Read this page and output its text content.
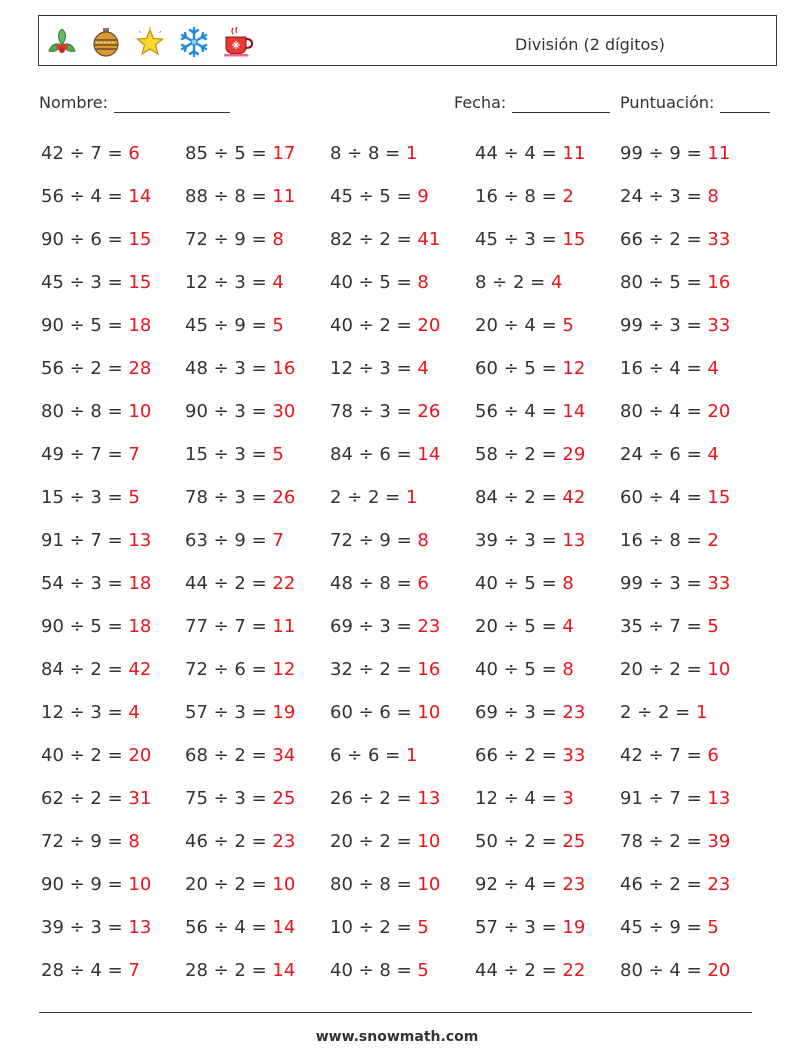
División (2 dígitos)
Nombre:	Fecha:	Puntuación:
42 ÷ 7 = 6	85 ÷ 5 = 17 8 ÷ 8 = 1	44 ÷ 4 = 11 99 ÷ 9 = 11
56 ÷ 4 = 14 88 ÷ 8 = 11 45 ÷ 5 = 9	16 ÷ 8 = 2	24 ÷ 3 = 8
90 ÷ 6 = 15 72 ÷ 9 = 8	82 ÷ 2 = 41 45 ÷ 3 = 15 66 ÷ 2 = 33
45 ÷ 3 = 15 12 ÷ 3 = 4	40 ÷ 5 = 8	8 ÷ 2 = 4	80 ÷ 5 = 16
90 ÷ 5 = 18 45 ÷ 9 = 5	40 ÷ 2 = 20 20 ÷ 4 = 5	99 ÷ 3 = 33
56 ÷ 2 = 28 48 ÷ 3 = 16 12 ÷ 3 = 4	60 ÷ 5 = 12 16 ÷ 4 = 4
80 ÷ 8 = 10 90 ÷ 3 = 30 78 ÷ 3 = 26 56 ÷ 4 = 14 80 ÷ 4 = 20
49 ÷ 7 = 7	15 ÷ 3 = 5	84 ÷ 6 = 14 58 ÷ 2 = 29 24 ÷ 6 = 4
15 ÷ 3 = 5	78 ÷ 3 = 26 2 ÷ 2 = 1	84 ÷ 2 = 42 60 ÷ 4 = 15
91 ÷ 7 = 13 63 ÷ 9 = 7	72 ÷ 9 = 8	39 ÷ 3 = 13 16 ÷ 8 = 2
54 ÷ 3 = 18 44 ÷ 2 = 22 48 ÷ 8 = 6	40 ÷ 5 = 8	99 ÷ 3 = 33
90 ÷ 5 = 18 77 ÷ 7 = 11 69 ÷ 3 = 23 20 ÷ 5 = 4	35 ÷ 7 = 5
84 ÷ 2 = 42 72 ÷ 6 = 12 32 ÷ 2 = 16 40 ÷ 5 = 8	20 ÷ 2 = 10
12 ÷ 3 = 4	57 ÷ 3 = 19 60 ÷ 6 = 10 69 ÷ 3 = 23 2 ÷ 2 = 1
40 ÷ 2 = 20 68 ÷ 2 = 34 6 ÷ 6 = 1	66 ÷ 2 = 33 42 ÷ 7 = 6
62 ÷ 2 = 31 75 ÷ 3 = 25 26 ÷ 2 = 13 12 ÷ 4 = 3	91 ÷ 7 = 13
72 ÷ 9 = 8	46 ÷ 2 = 23 20 ÷ 2 = 10 50 ÷ 2 = 25 78 ÷ 2 = 39
90 ÷ 9 = 10 20 ÷ 2 = 10 80 ÷ 8 = 10 92 ÷ 4 = 23 46 ÷ 2 = 23
39 ÷ 3 = 13 56 ÷ 4 = 14 10 ÷ 2 = 5	57 ÷ 3 = 19 45 ÷ 9 = 5
28 ÷ 4 = 7	28 ÷ 2 = 14 40 ÷ 8 = 5	44 ÷ 2 = 22 80 ÷ 4 = 20
www.snowmath.com
